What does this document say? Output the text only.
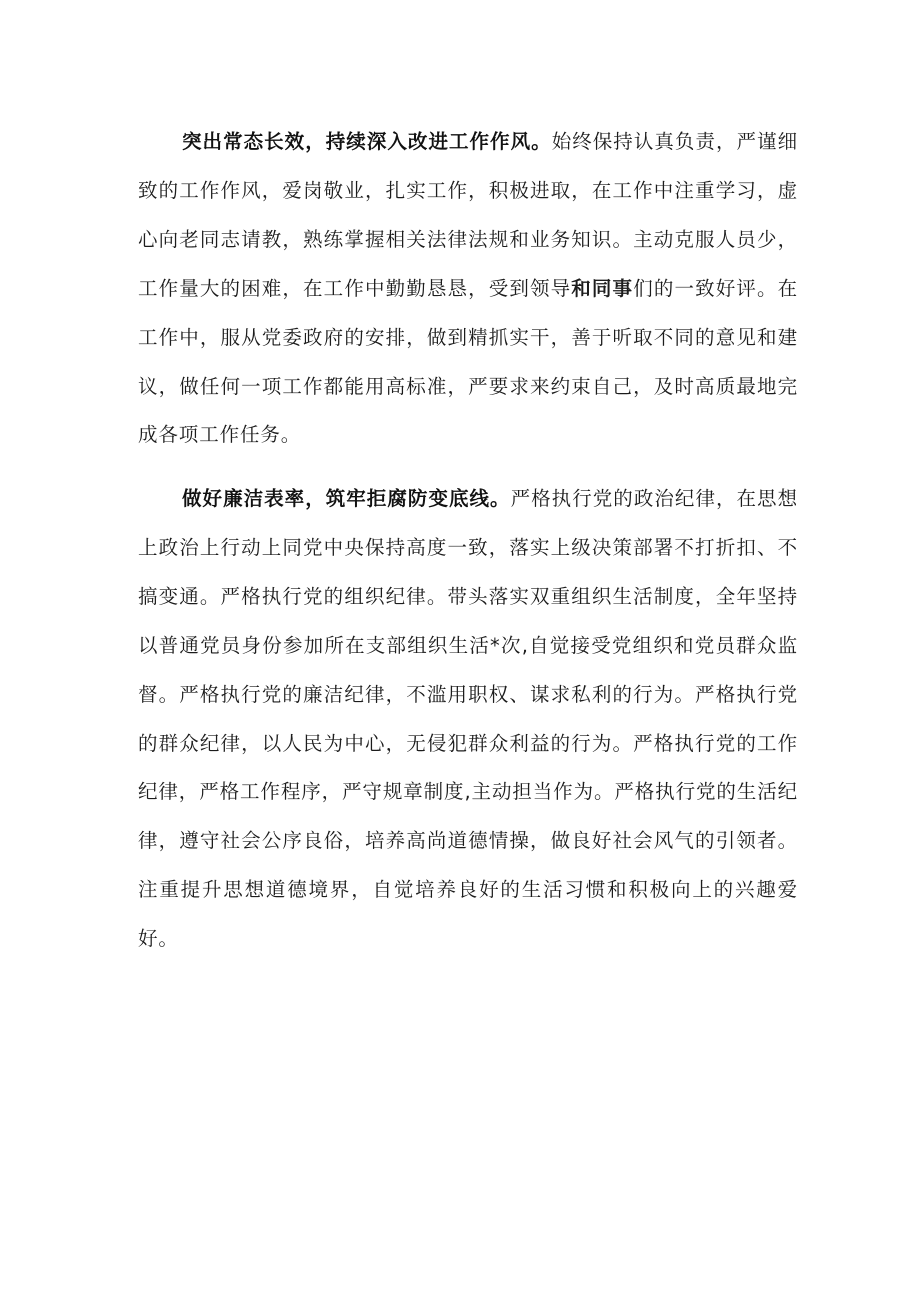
突出常态长效，持续深入改进工作作风。始终保持认真负责，严谨细致的工作作风，爱岗敬业，扎实工作，积极进取，在工作中注重学习，虚心向老同志请教，熟练掌握相关法律法规和业务知识。主动克服人员少，工作量大的困难，在工作中勤勤恳恳，受到领导和同事们的一致好评。在工作中，服从党委政府的安排，做到精抓实干，善于听取不同的意见和建议，做任何一项工作都能用高标准，严要求来约束自己，及时高质最地完成各项工作任务。

做好廉洁表率，筑牢拒腐防变底线。严格执行党的政治纪律，在思想上政治上行动上同党中央保持高度一致，落实上级决策部署不打折扣、不搞变通。严格执行党的组织纪律。带头落实双重组织生活制度，全年坚持以普通党员身份参加所在支部组织生活*次,自觉接受党组织和党员群众监督。严格执行党的廉洁纪律，不滥用职权、谋求私利的行为。严格执行党的群众纪律，以人民为中心，无侵犯群众利益的行为。严格执行党的工作纪律，严格工作程序，严守规章制度,主动担当作为。严格执行党的生活纪律，遵守社会公序良俗，培养高尚道德情操，做良好社会风气的引领者。注重提升思想道德境界，自觉培养良好的生活习惯和积极向上的兴趣爱好。
